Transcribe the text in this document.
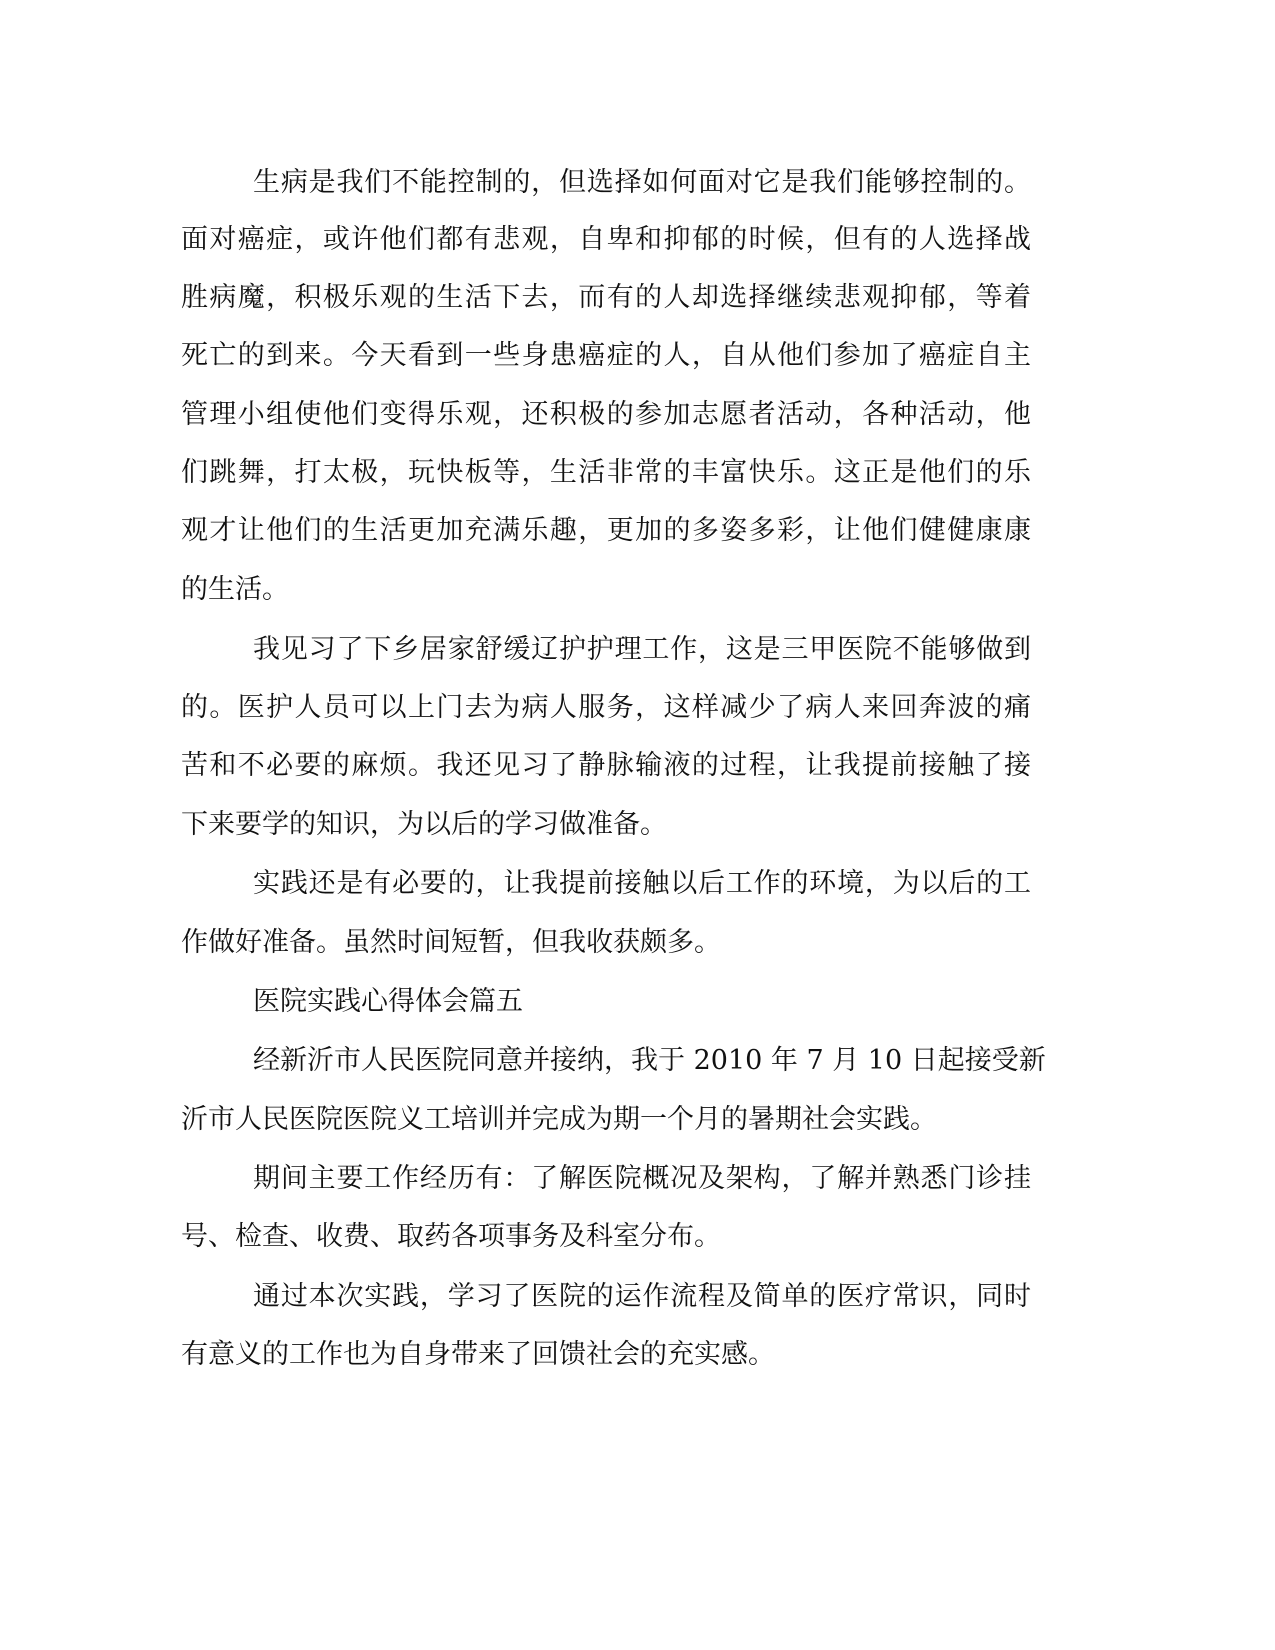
生病是我们不能控制的，但选择如何面对它是我们能够控制的。
面对癌症，或许他们都有悲观，自卑和抑郁的时候，但有的人选择战
胜病魔，积极乐观的生活下去，而有的人却选择继续悲观抑郁，等着
死亡的到来。今天看到一些身患癌症的人，自从他们参加了癌症自主
管理小组使他们变得乐观，还积极的参加志愿者活动，各种活动，他
们跳舞，打太极，玩快板等，生活非常的丰富快乐。这正是他们的乐
观才让他们的生活更加充满乐趣，更加的多姿多彩，让他们健健康康
的生活。
我见习了下乡居家舒缓辽护护理工作，这是三甲医院不能够做到
的。医护人员可以上门去为病人服务，这样减少了病人来回奔波的痛
苦和不必要的麻烦。我还见习了静脉输液的过程，让我提前接触了接
下来要学的知识，为以后的学习做准备。
实践还是有必要的，让我提前接触以后工作的环境，为以后的工
作做好准备。虽然时间短暂，但我收获颇多。
医院实践心得体会篇五
经新沂市人民医院同意并接纳，我于 2010 年 7 月 10 日起接受新
沂市人民医院医院义工培训并完成为期一个月的暑期社会实践。
期间主要工作经历有：了解医院概况及架构，了解并熟悉门诊挂
号、检查、收费、取药各项事务及科室分布。
通过本次实践，学习了医院的运作流程及简单的医疗常识，同时
有意义的工作也为自身带来了回馈社会的充实感。
